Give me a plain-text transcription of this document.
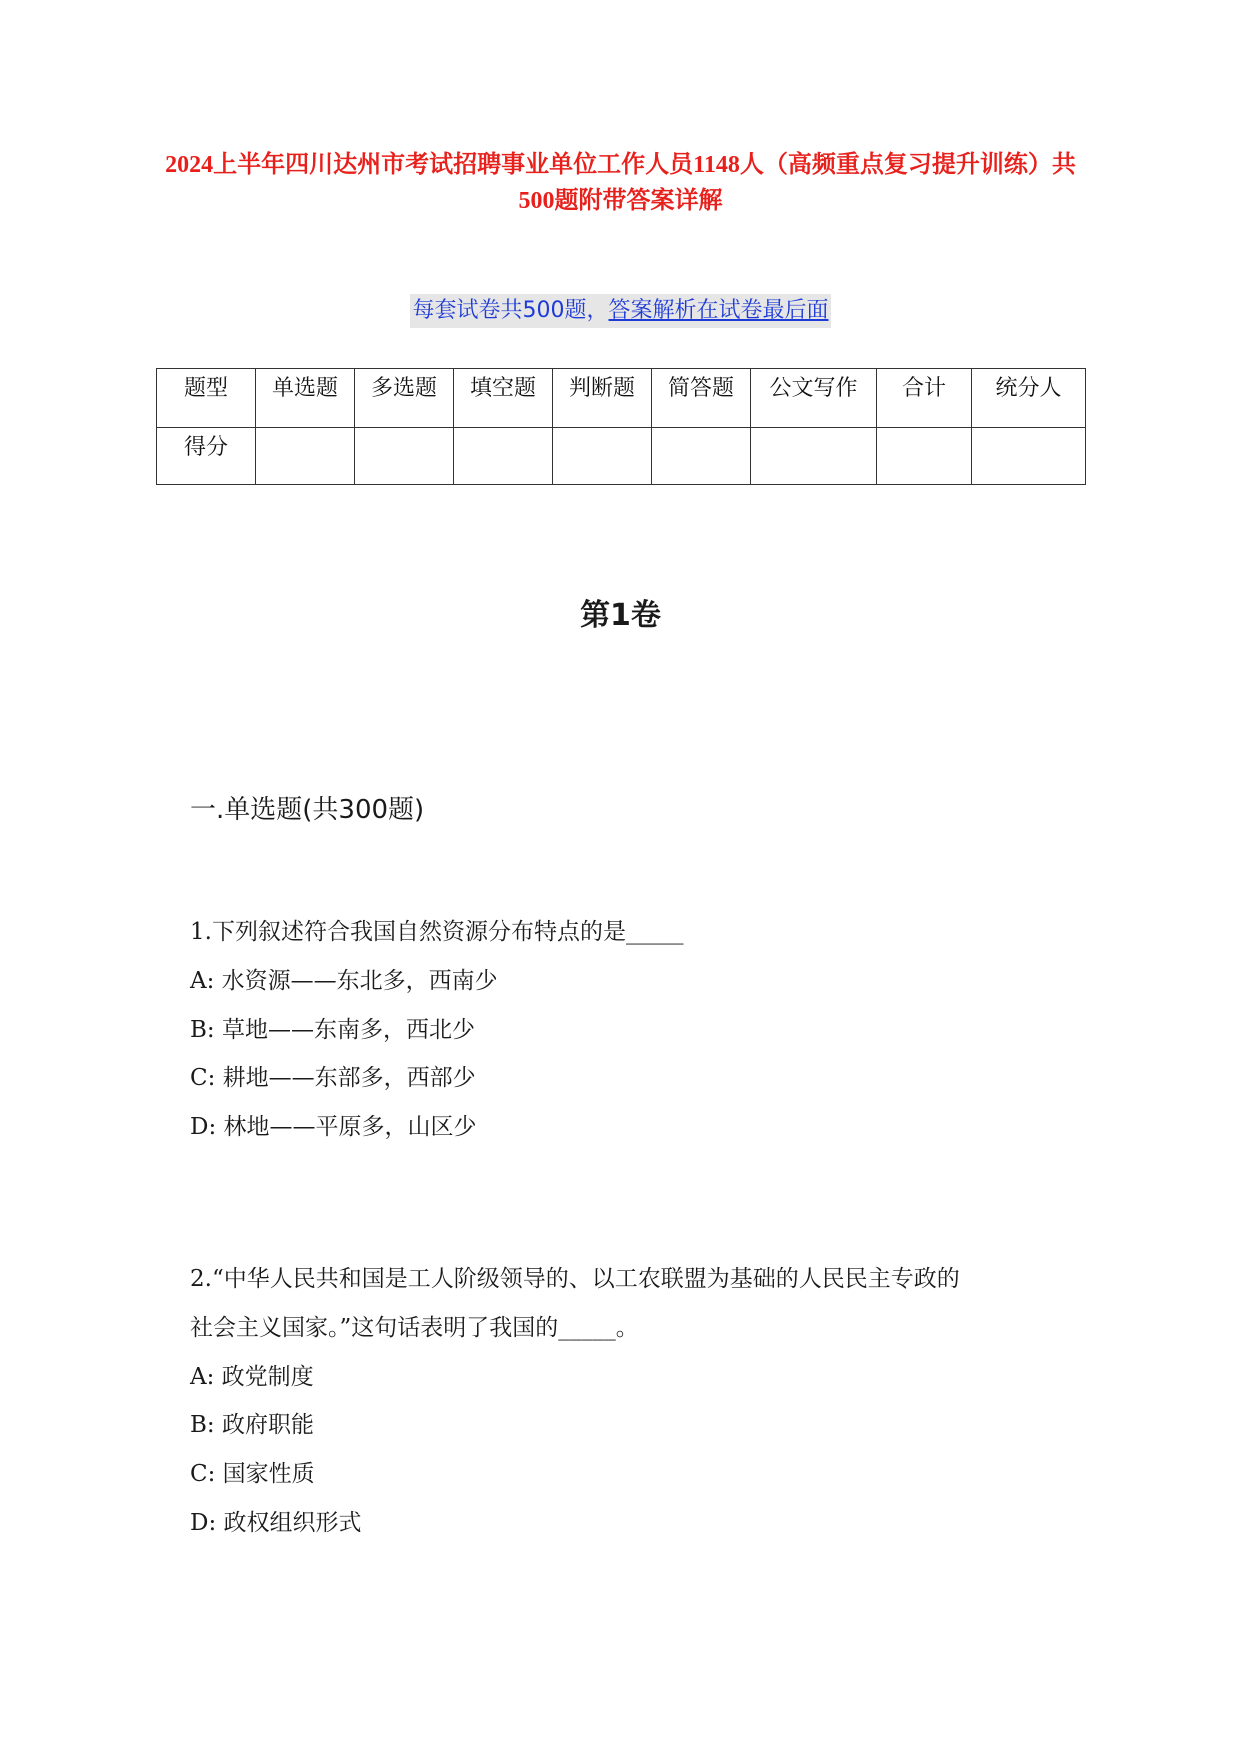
2024上半年四川达州市考试招聘事业单位工作人员1148人（高频重点复习提升训练）共500题附带答案详解
每套试卷共500题，答案解析在试卷最后面
题型	单选题	多选题	填空题	判断题	简答题	公文写作	合计	统分人
得分								
第1卷
一.单选题(共300题)
1.下列叙述符合我国自然资源分布特点的是_____
A: 水资源——东北多，西南少
B: 草地——东南多，西北少
C: 耕地——东部多，西部少
D: 林地——平原多，山区少
2.“中华人民共和国是工人阶级领导的、以工农联盟为基础的人民民主专政的
社会主义国家。”这句话表明了我国的_____。
A: 政党制度
B: 政府职能
C: 国家性质
D: 政权组织形式
